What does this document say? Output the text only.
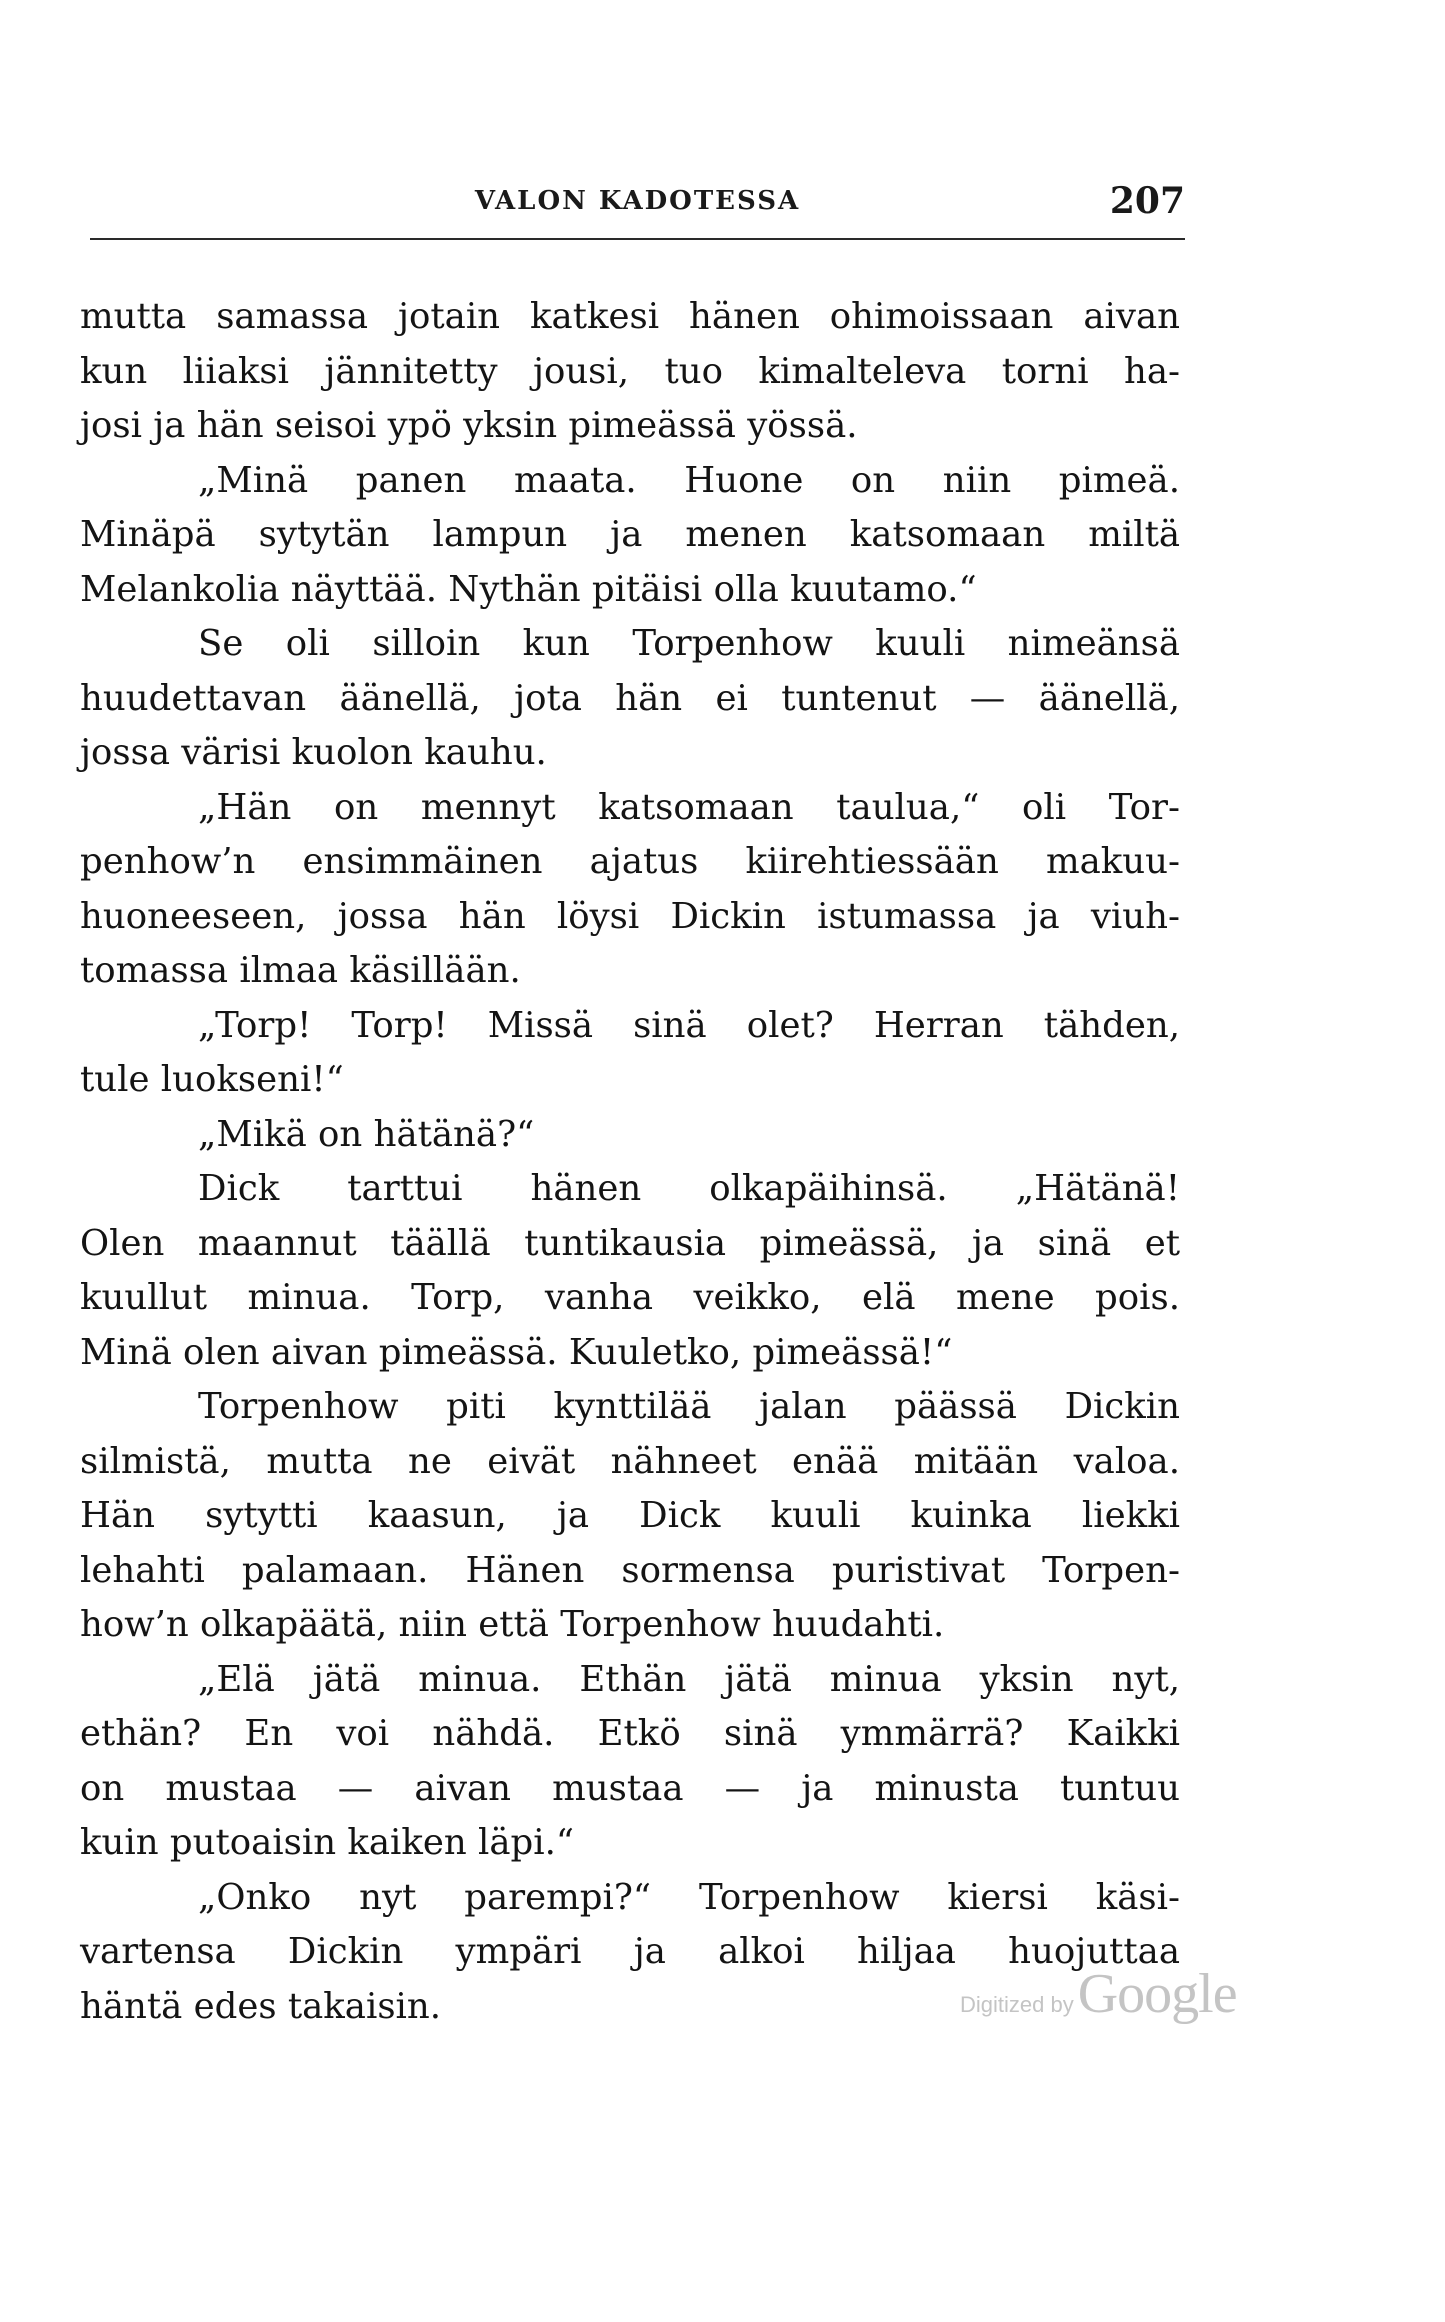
VALON KADOTESSA	207
mutta samassa jotain katkesi hänen ohimoissaan aivan
kun liiaksi jännitetty jousi, tuo kimalteleva torni ha-
josi ja hän seisoi ypö yksin pimeässä yössä.
„Minä panen maata. Huone on niin pimeä.
Minäpä sytytän lampun ja menen katsomaan miltä
Melankolia näyttää. Nythän pitäisi olla kuutamo.“
Se oli silloin kun Torpenhow kuuli nimeänsä
huudettavan äänellä, jota hän ei tuntenut — äänellä,
jossa värisi kuolon kauhu.
„Hän on mennyt katsomaan taulua,“ oli Tor-
penhow’n ensimmäinen ajatus kiirehtiessään makuu-
huoneeseen, jossa hän löysi Dickin istumassa ja viuh-
tomassa ilmaa käsillään.
„Torp! Torp! Missä sinä olet? Herran tähden,
tule luokseni!“
„Mikä on hätänä?“
Dick tarttui hänen olkapäihinsä. „Hätänä!
Olen maannut täällä tuntikausia pimeässä, ja sinä et
kuullut minua. Torp, vanha veikko, elä mene pois.
Minä olen aivan pimeässä. Kuuletko, pimeässä!“
Torpenhow piti kynttilää jalan päässä Dickin
silmistä, mutta ne eivät nähneet enää mitään valoa.
Hän sytytti kaasun, ja Dick kuuli kuinka liekki
lehahti palamaan. Hänen sormensa puristivat Torpen-
how’n olkapäätä, niin että Torpenhow huudahti.
„Elä jätä minua. Ethän jätä minua yksin nyt,
ethän? En voi nähdä. Etkö sinä ymmärrä? Kaikki
on mustaa — aivan mustaa — ja minusta tuntuu
kuin putoaisin kaiken läpi.“
„Onko nyt parempi?“ Torpenhow kiersi käsi-
vartensa Dickin ympäri ja alkoi hiljaa huojuttaa
häntä edes takaisin.	Digitized by Google
